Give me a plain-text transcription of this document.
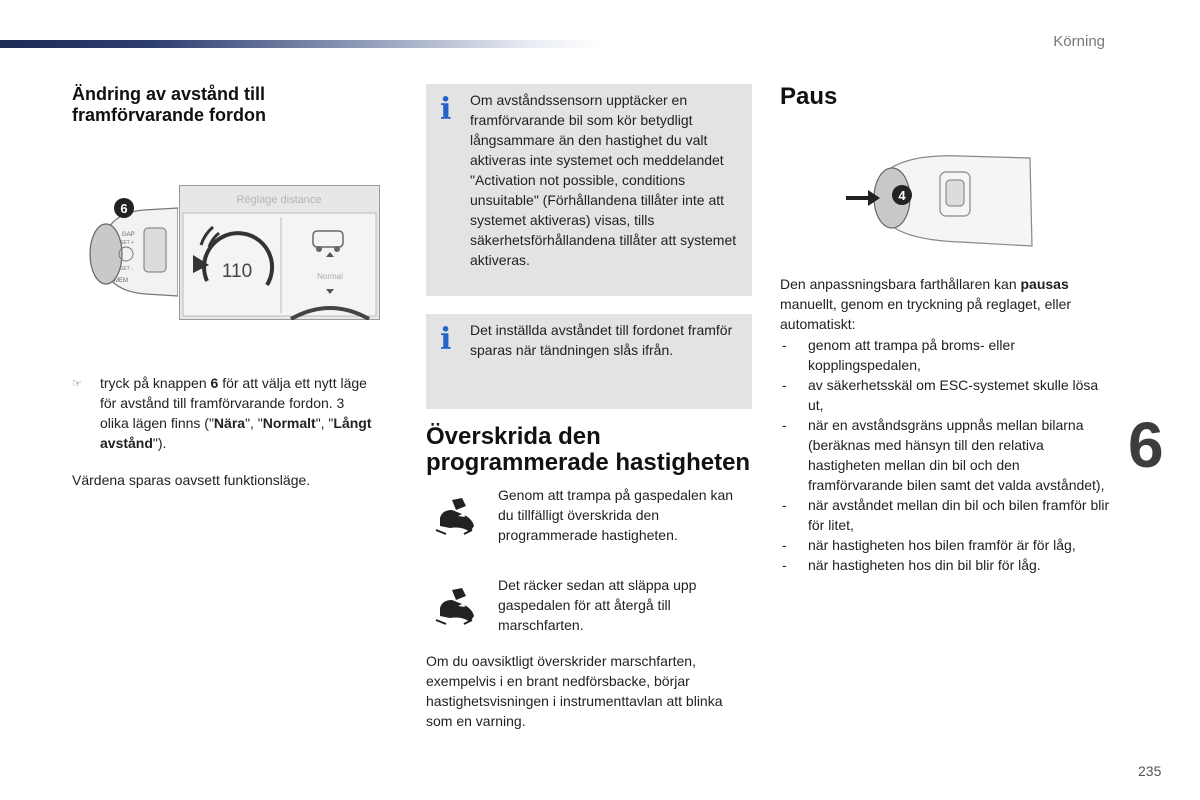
Körning
6
235
Ändring av avstånd till framförvarande fordon
GAP
SET +
SET -
MEM
6
Réglage distance
110	Normal
☞	tryck på knappen 6 för att välja ett nytt läge för avstånd till framförvarande fordon. 3 olika lägen finns ("Nära", "Normalt", "Långt avstånd").

Värdena sparas oavsett funktionsläge.

i Om avståndssensorn upptäcker en framförvarande bil som kör betydligt långsammare än den hastighet du valt aktiveras inte systemet och meddelandet "Activation not possible, conditions unsuitable" (Förhållandena tillåter inte att systemet aktiveras) visas, tills säkerhetsförhållandena tillåter att systemet aktiveras.
i Det inställda avståndet till fordonet framför sparas när tändningen slås ifrån.
Överskrida den programmerade hastigheten

Genom att trampa på gaspedalen kan du tillfälligt överskrida den programmerade hastigheten.

Det räcker sedan att släppa upp gaspedalen för att återgå till marschfarten.

Om du oavsiktligt överskrider marschfarten, exempelvis i en brant nedförsbacke, börjar hastighetsvisningen i instrumenttavlan att blinka som en varning.

Paus
4

Den anpassningsbara farthållaren kan pausas manuellt, genom en tryckning på reglaget, eller automatiskt:

- genom att trampa på broms- eller kopplingspedalen,
- av säkerhetsskäl om ESC-systemet skulle lösa ut,
- när en avståndsgräns uppnås mellan bilarna (beräknas med hänsyn till den relativa hastigheten mellan din bil och den framförvarande bilen samt det valda avståndet),
- när avståndet mellan din bil och bilen framför blir för litet,
- när hastigheten hos bilen framför är för låg,
- när hastigheten hos din bil blir för låg.
